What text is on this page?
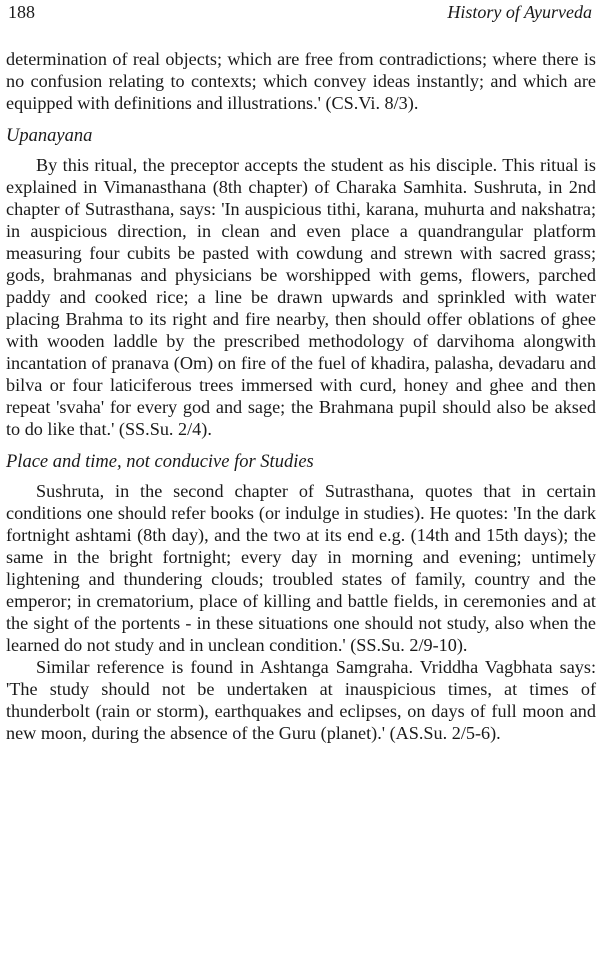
188	History of Ayurveda

determination of real objects; which are free from contradictions; where there is no confusion relating to contexts; which convey ideas instantly; and which are equipped with definitions and illustrations.' (CS.Vi. 8/3).

Upanayana

By this ritual, the preceptor accepts the student as his disciple. This ritual is explained in Vimanasthana (8th chapter) of Charaka Samhita. Sushruta, in 2nd chapter of Sutrasthana, says: 'In auspicious tithi, karana, muhurta and nakshatra; in auspicious direction, in clean and even place a quandrangular platform measuring four cubits be pasted with cowdung and strewn with sacred grass; gods, brahmanas and physicians be worshipped with gems, flowers, parched paddy and cooked rice; a line be drawn upwards and sprinkled with water placing Brahma to its right and fire nearby, then should offer oblations of ghee with wooden laddle by the prescribed methodology of darvihoma alongwith incantation of pranava (Om) on fire of the fuel of khadira, palasha, devadaru and bilva or four laticiferous trees immersed with curd, honey and ghee and then repeat 'svaha' for every god and sage; the Brahmana pupil should also be aksed to do like that.' (SS.Su. 2/4).

Place and time, not conducive for Studies

Sushruta, in the second chapter of Sutrasthana, quotes that in certain conditions one should refer books (or indulge in studies). He quotes: 'In the dark fortnight ashtami (8th day), and the two at its end e.g. (14th and 15th days); the same in the bright fortnight; every day in morning and evening; untimely lightening and thundering clouds; troubled states of family, country and the emperor; in crematorium, place of killing and battle fields, in ceremonies and at the sight of the portents - in these situations one should not study, also when the learned do not study and in unclean condition.' (SS.Su. 2/9-10).

Similar reference is found in Ashtanga Samgraha. Vriddha Vagbhata says: 'The study should not be undertaken at inauspicious times, at times of thunderbolt (rain or storm), earthquakes and eclipses, on days of full moon and new moon, during the absence of the Guru (planet).' (AS.Su. 2/5-6).
